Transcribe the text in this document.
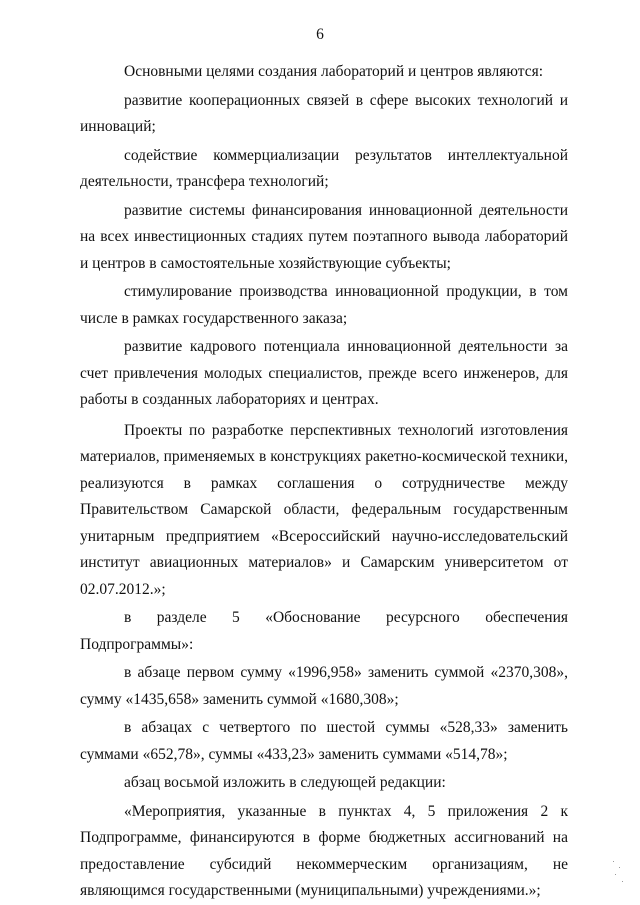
6

Основными целями создания лабораторий и центров являются:

развитие кооперационных связей в сфере высоких технологий и инноваций;

содействие коммерциализации результатов интеллектуальной деятельности, трансфера технологий;

развитие системы финансирования инновационной деятельности на всех инвестиционных стадиях путем поэтапного вывода лабораторий и центров в самостоятельные хозяйствующие субъекты;

стимулирование производства инновационной продукции, в том числе в рамках государственного заказа;

развитие кадрового потенциала инновационной деятельности за счет привлечения молодых специалистов, прежде всего инженеров, для работы в созданных лабораториях и центрах.

Проекты по разработке перспективных технологий изготовления материалов, применяемых в конструкциях ракетно-космической техники, реализуются в рамках соглашения о сотрудничестве между Правительством Самарской области, федеральным государственным унитарным предприятием «Всероссийский научно-исследовательский институт авиационных материалов» и Самарским университетом от 02.07.2012.»;

в разделе 5 «Обоснование ресурсного обеспечения Подпрограммы»:

в абзаце первом сумму «1996,958» заменить суммой «2370,308», сумму «1435,658» заменить суммой «1680,308»;

в абзацах с четвертого по шестой суммы «528,33» заменить суммами «652,78», суммы «433,23» заменить суммами «514,78»;

абзац восьмой изложить в следующей редакции:

«Мероприятия, указанные в пунктах 4, 5 приложения 2 к Подпрограмме, финансируются в форме бюджетных ассигнований на предоставление субсидий некоммерческим организациям, не являющимся государственными (муниципальными) учреждениями.»;
